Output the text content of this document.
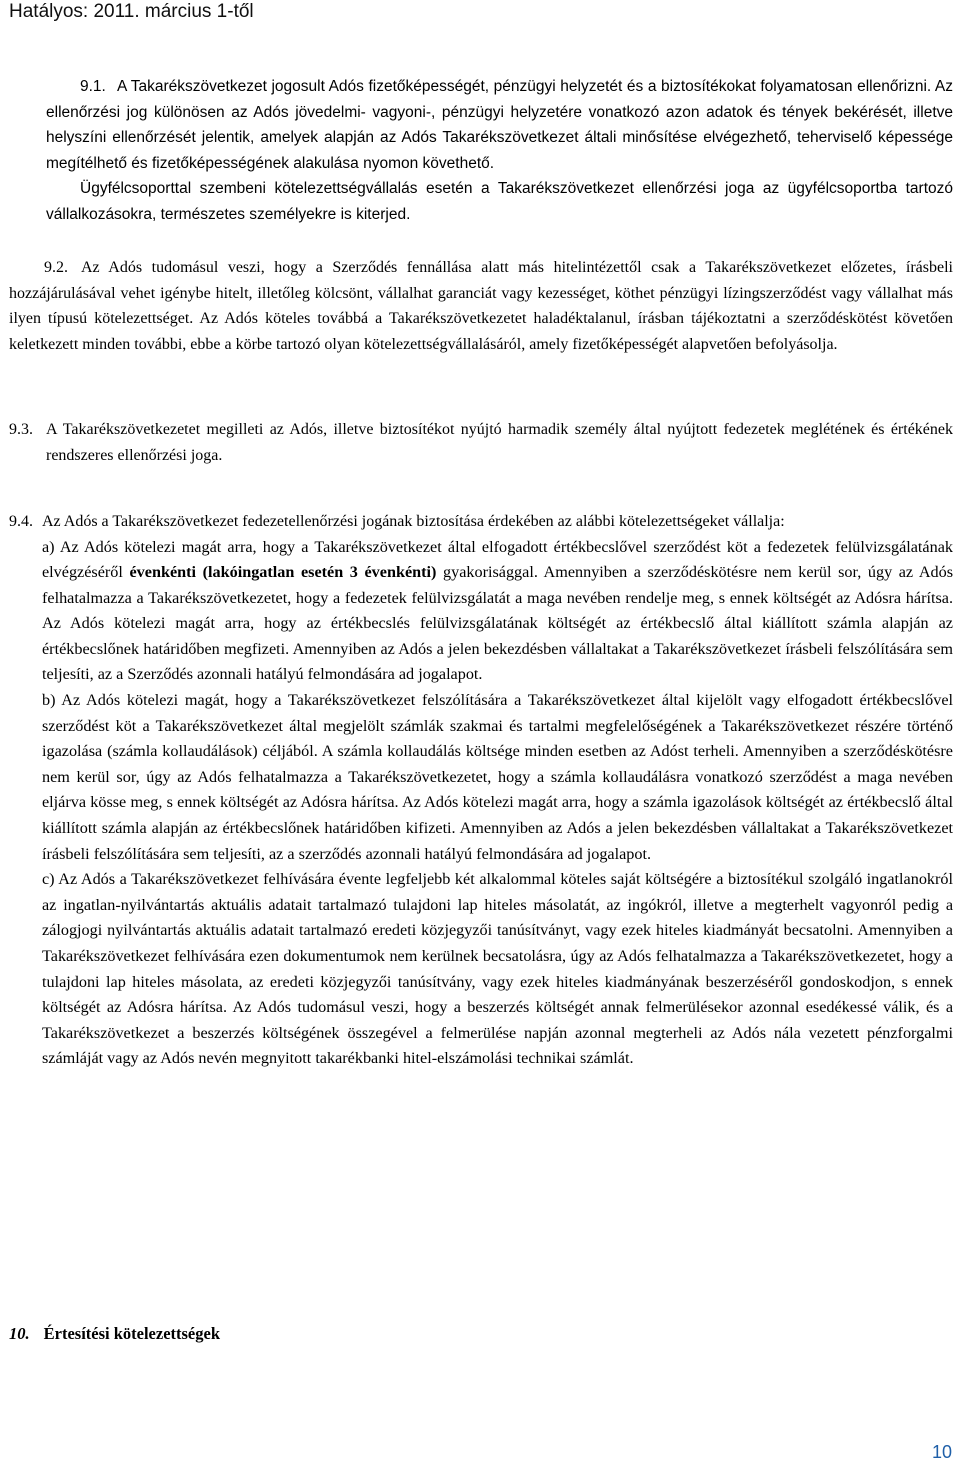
Hatályos: 2011. március 1-től
9.1. A Takarékszövetkezet jogosult Adós fizetőképességét, pénzügyi helyzetét és a biztosítékokat folyamatosan ellenőrizni. Az ellenőrzési jog különösen az Adós jövedelmi- vagyoni-, pénzügyi helyzetére vonatkozó azon adatok és tények bekérését, illetve helyszíni ellenőrzését jelentik, amelyek alapján az Adós Takarékszövetkezet általi minősítése elvégezhető, teherviselő képessége megítélhető és fizetőképességének alakulása nyomon követhető.
Ügyfélcsoporttal szembeni kötelezettségvállalás esetén a Takarékszövetkezet ellenőrzési joga az ügyfélcsoportba tartozó vállalkozásokra, természetes személyekre is kiterjed.
9.2. Az Adós tudomásul veszi, hogy a Szerződés fennállása alatt más hitelintézettől csak a Takarékszövetkezet előzetes, írásbeli hozzájárulásával vehet igénybe hitelt, illetőleg kölcsönt, vállalhat garanciát vagy kezességet, köthet pénzügyi lízingszerződést vagy vállalhat más ilyen típusú kötelezettséget. Az Adós köteles továbbá a Takarékszövetkezetet haladéktalanul, írásban tájékoztatni a szerződéskötést követően keletkezett minden további, ebbe a körbe tartozó olyan kötelezettségvállalásáról, amely fizetőképességét alapvetően befolyásolja.
9.3. A Takarékszövetkezetet megilleti az Adós, illetve biztosítékot nyújtó harmadik személy által nyújtott fedezetek meglétének és értékének rendszeres ellenőrzési joga.
9.4. Az Adós a Takarékszövetkezet fedezetellenőrzési jogának biztosítása érdekében az alábbi kötelezettségeket vállalja:
a) Az Adós kötelezi magát arra, hogy a Takarékszövetkezet által elfogadott értékbecslővel szerződést köt a fedezetek felülvizsgálatának elvégzéséről évenkénti (lakóingatlan esetén 3 évenkénti) gyakorisággal. Amennyiben a szerződéskötésre nem kerül sor, úgy az Adós felhatalmazza a Takarékszövetkezetet, hogy a fedezetek felülvizsgálatát a maga nevében rendelje meg, s ennek költségét az Adósra hárítsa. Az Adós kötelezi magát arra, hogy az értékbecslés felülvizsgálatának költségét az értékbecslő által kiállított számla alapján az értékbecslőnek határidőben megfizeti. Amennyiben az Adós a jelen bekezdésben vállaltakat a Takarékszövetkezet írásbeli felszólítására sem teljesíti, az a Szerződés azonnali hatályú felmondására ad jogalapot.
b) Az Adós kötelezi magát, hogy a Takarékszövetkezet felszólítására a Takarékszövetkezet által kijelölt vagy elfogadott értékbecslővel szerződést köt a Takarékszövetkezet által megjelölt számlák szakmai és tartalmi megfelelőségének a Takarékszövetkezet részére történő igazolása (számla kollaudálások) céljából. A számla kollaudálás költsége minden esetben az Adóst terheli. Amennyiben a szerződéskötésre nem kerül sor, úgy az Adós felhatalmazza a Takarékszövetkezetet, hogy a számla kollaudálásra vonatkozó szerződést a maga nevében eljárva kösse meg, s ennek költségét az Adósra hárítsa. Az Adós kötelezi magát arra, hogy a számla igazolások költségét az értékbecslő által kiállított számla alapján az értékbecslőnek határidőben kifizeti. Amennyiben az Adós a jelen bekezdésben vállaltakat a Takarékszövetkezet írásbeli felszólítására sem teljesíti, az a szerződés azonnali hatályú felmondására ad jogalapot.
c) Az Adós a Takarékszövetkezet felhívására évente legfeljebb két alkalommal köteles saját költségére a biztosítékul szolgáló ingatlanokról az ingatlan-nyilvántartás aktuális adatait tartalmazó tulajdoni lap hiteles másolatát, az ingókról, illetve a megterhelt vagyonról pedig a zálogjogi nyilvántartás aktuális adatait tartalmazó eredeti közjegyzői tanúsítványt, vagy ezek hiteles kiadmányát becsatolni. Amennyiben a Takarékszövetkezet felhívására ezen dokumentumok nem kerülnek becsatolásra, úgy az Adós felhatalmazza a Takarékszövetkezetet, hogy a tulajdoni lap hiteles másolata, az eredeti közjegyzői tanúsítvány, vagy ezek hiteles kiadmányának beszerzéséről gondoskodjon, s ennek költségét az Adósra hárítsa. Az Adós tudomásul veszi, hogy a beszerzés költségét annak felmerülésekor azonnal esedékessé válik, és a Takarékszövetkezet a beszerzés költségének összegével a felmerülése napján azonnal megterheli az Adós nála vezetett pénzforgalmi számláját vagy az Adós nevén megnyitott takarékbanki hitel-elszámolási technikai számlát.
10. Értesítési kötelezettségek
10
